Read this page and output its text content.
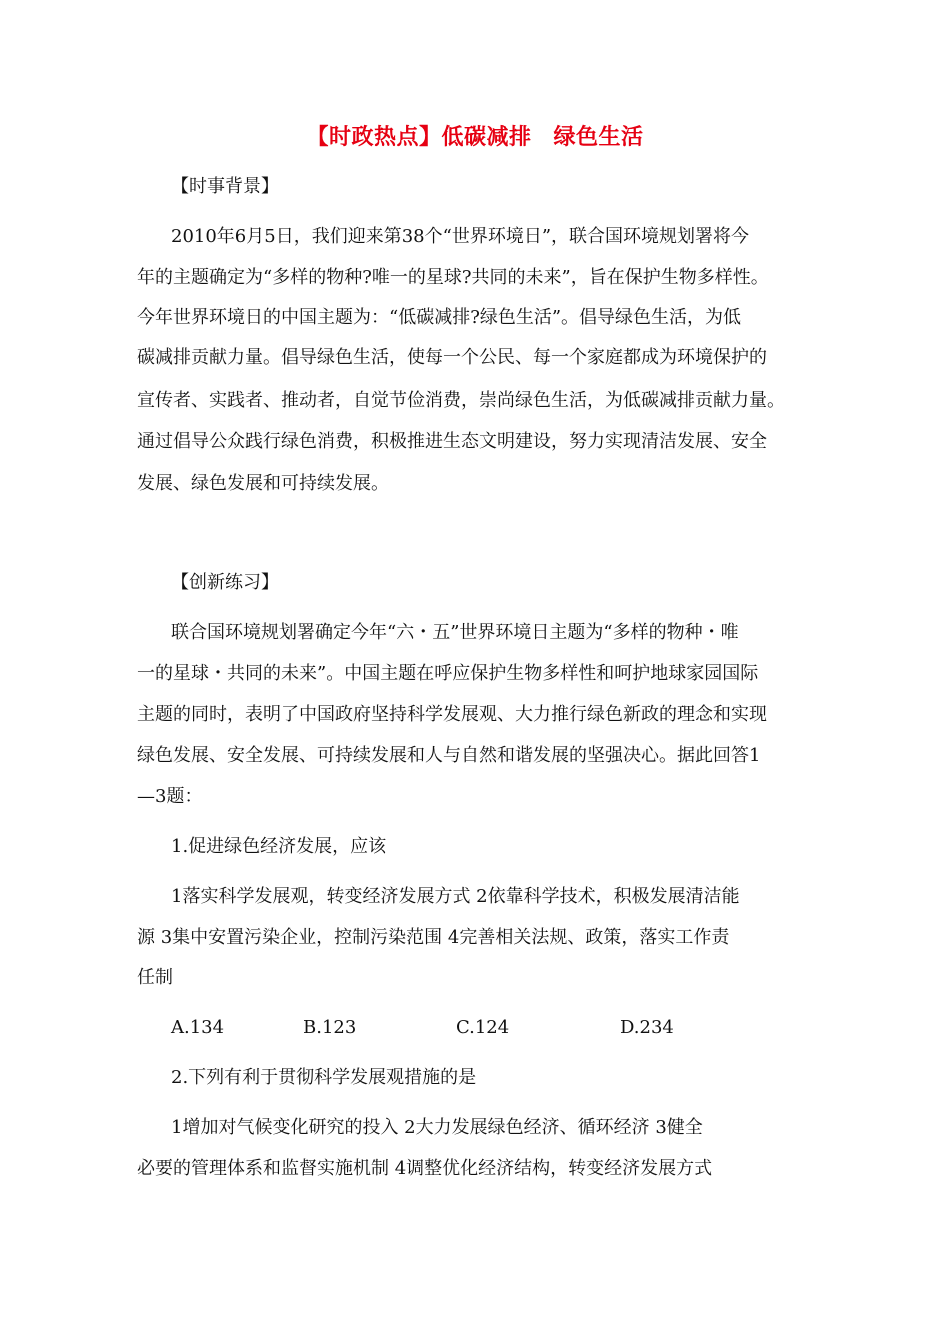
【时政热点】低碳减排 绿色生活
【时事背景】
2010年6月5日，我们迎来第38个“世界环境日”，联合国环境规划署将今
年的主题确定为“多样的物种?唯一的星球?共同的未来”，旨在保护生物多样性。
今年世界环境日的中国主题为：“低碳减排?绿色生活”。倡导绿色生活，为低
碳减排贡献力量。倡导绿色生活，使每一个公民、每一个家庭都成为环境保护的
宣传者、实践者、推动者，自觉节俭消费，崇尚绿色生活，为低碳减排贡献力量。
通过倡导公众践行绿色消费，积极推进生态文明建设，努力实现清洁发展、安全
发展、绿色发展和可持续发展。
【创新练习】
联合国环境规划署确定今年“六・五”世界环境日主题为“多样的物种・唯
一的星球・共同的未来”。中国主题在呼应保护生物多样性和呵护地球家园国际
主题的同时，表明了中国政府坚持科学发展观、大力推行绿色新政的理念和实现
绿色发展、安全发展、可持续发展和人与自然和谐发展的坚强决心。据此回答1
—3题：
1.促进绿色经济发展，应该
1落实科学发展观，转变经济发展方式 2依靠科学技术，积极发展清洁能
源 3集中安置污染企业，控制污染范围 4完善相关法规、政策，落实工作责
任制
A.134	B.123	C.124	D.234
2.下列有利于贯彻科学发展观措施的是
1增加对气候变化研究的投入 2大力发展绿色经济、循环经济 3健全
必要的管理体系和监督实施机制 4调整优化经济结构，转变经济发展方式
